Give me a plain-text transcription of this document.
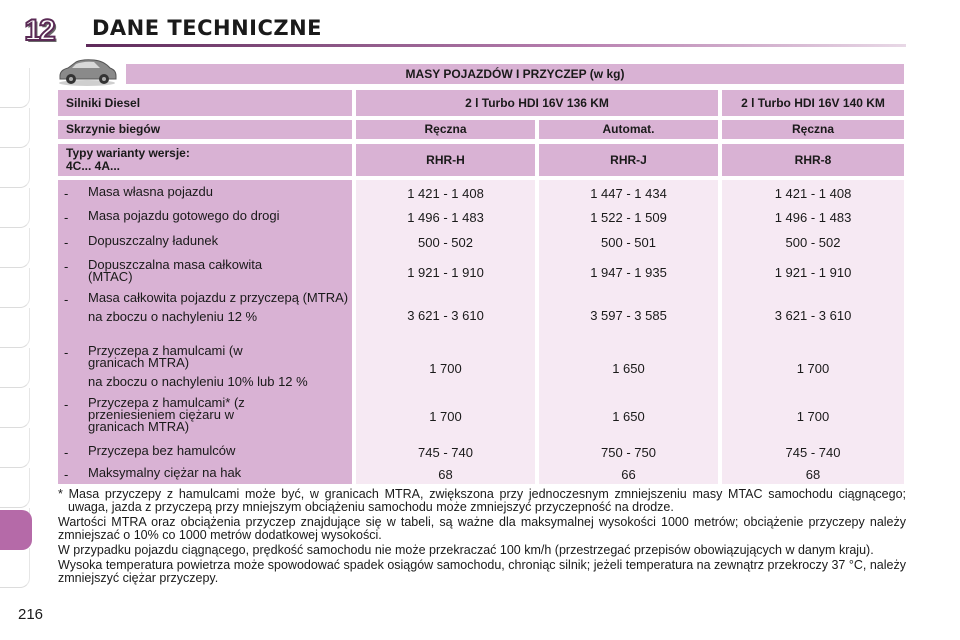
12	DANE TECHNICZNE
MASY POJAZDÓW I PRZYCZEP (w kg)
Silniki Diesel	2 l Turbo HDI 16V 136 KM	2 l Turbo HDI 16V 140 KM
Skrzynie biegów	Ręczna	Automat.	Ręczna
Typy warianty wersje:
4C... 4A...	RHR-H	RHR-J	RHR-8
-	Masa własna pojazdu	1 421 - 1 408	1 447 - 1 434	1 421 - 1 408
-	Masa pojazdu gotowego do drogi	1 496 - 1 483	1 522 - 1 509	1 496 - 1 483
-	Dopuszczalny ładunek	500 - 502	500 - 501	500 - 502
-	Dopuszczalna masa całkowita (MTAC)	1 921 - 1 910	1 947 - 1 935	1 921 - 1 910
-	Masa całkowita pojazdu z przyczepą (MTRA)
na zboczu o nachyleniu 12 %	3 621 - 3 610	3 597 - 3 585	3 621 - 3 610
-	Przyczepa z hamulcami (w granicach MTRA)
na zboczu o nachyleniu 10% lub 12 %
1 700	1 650	1 700
-	Przyczepa z hamulcami* (z przeniesieniem ciężaru w granicach MTRA)
1 700	1 650	1 700
-	Przyczepa bez hamulców	745 - 740	750 - 750	745 - 740
-	Maksymalny ciężar na hak	68	66	68

* Masa przyczepy z hamulcami może być, w granicach MTRA, zwiększona przy jednoczesnym zmniejszeniu masy MTAC samochodu ciągnącego; uwaga, jazda z przyczepą przy mniejszym obciążeniu samochodu może zmniejszyć przyczepność na drodze.

Wartości MTRA oraz obciążenia przyczep znajdujące się w tabeli, są ważne dla maksymalnej wysokości 1000 metrów; obciążenie przyczepy należy zmniejszać o 10% co 1000 metrów dodatkowej wysokości.

W przypadku pojazdu ciągnącego, prędkość samochodu nie może przekraczać 100 km/h (przestrzegać przepisów obowiązujących w danym kraju).

Wysoka temperatura powietrza może spowodować spadek osiągów samochodu, chroniąc silnik; jeżeli temperatura na zewnątrz przekroczy 37 °C, należy zmniejszyć ciężar przyczepy.

216
